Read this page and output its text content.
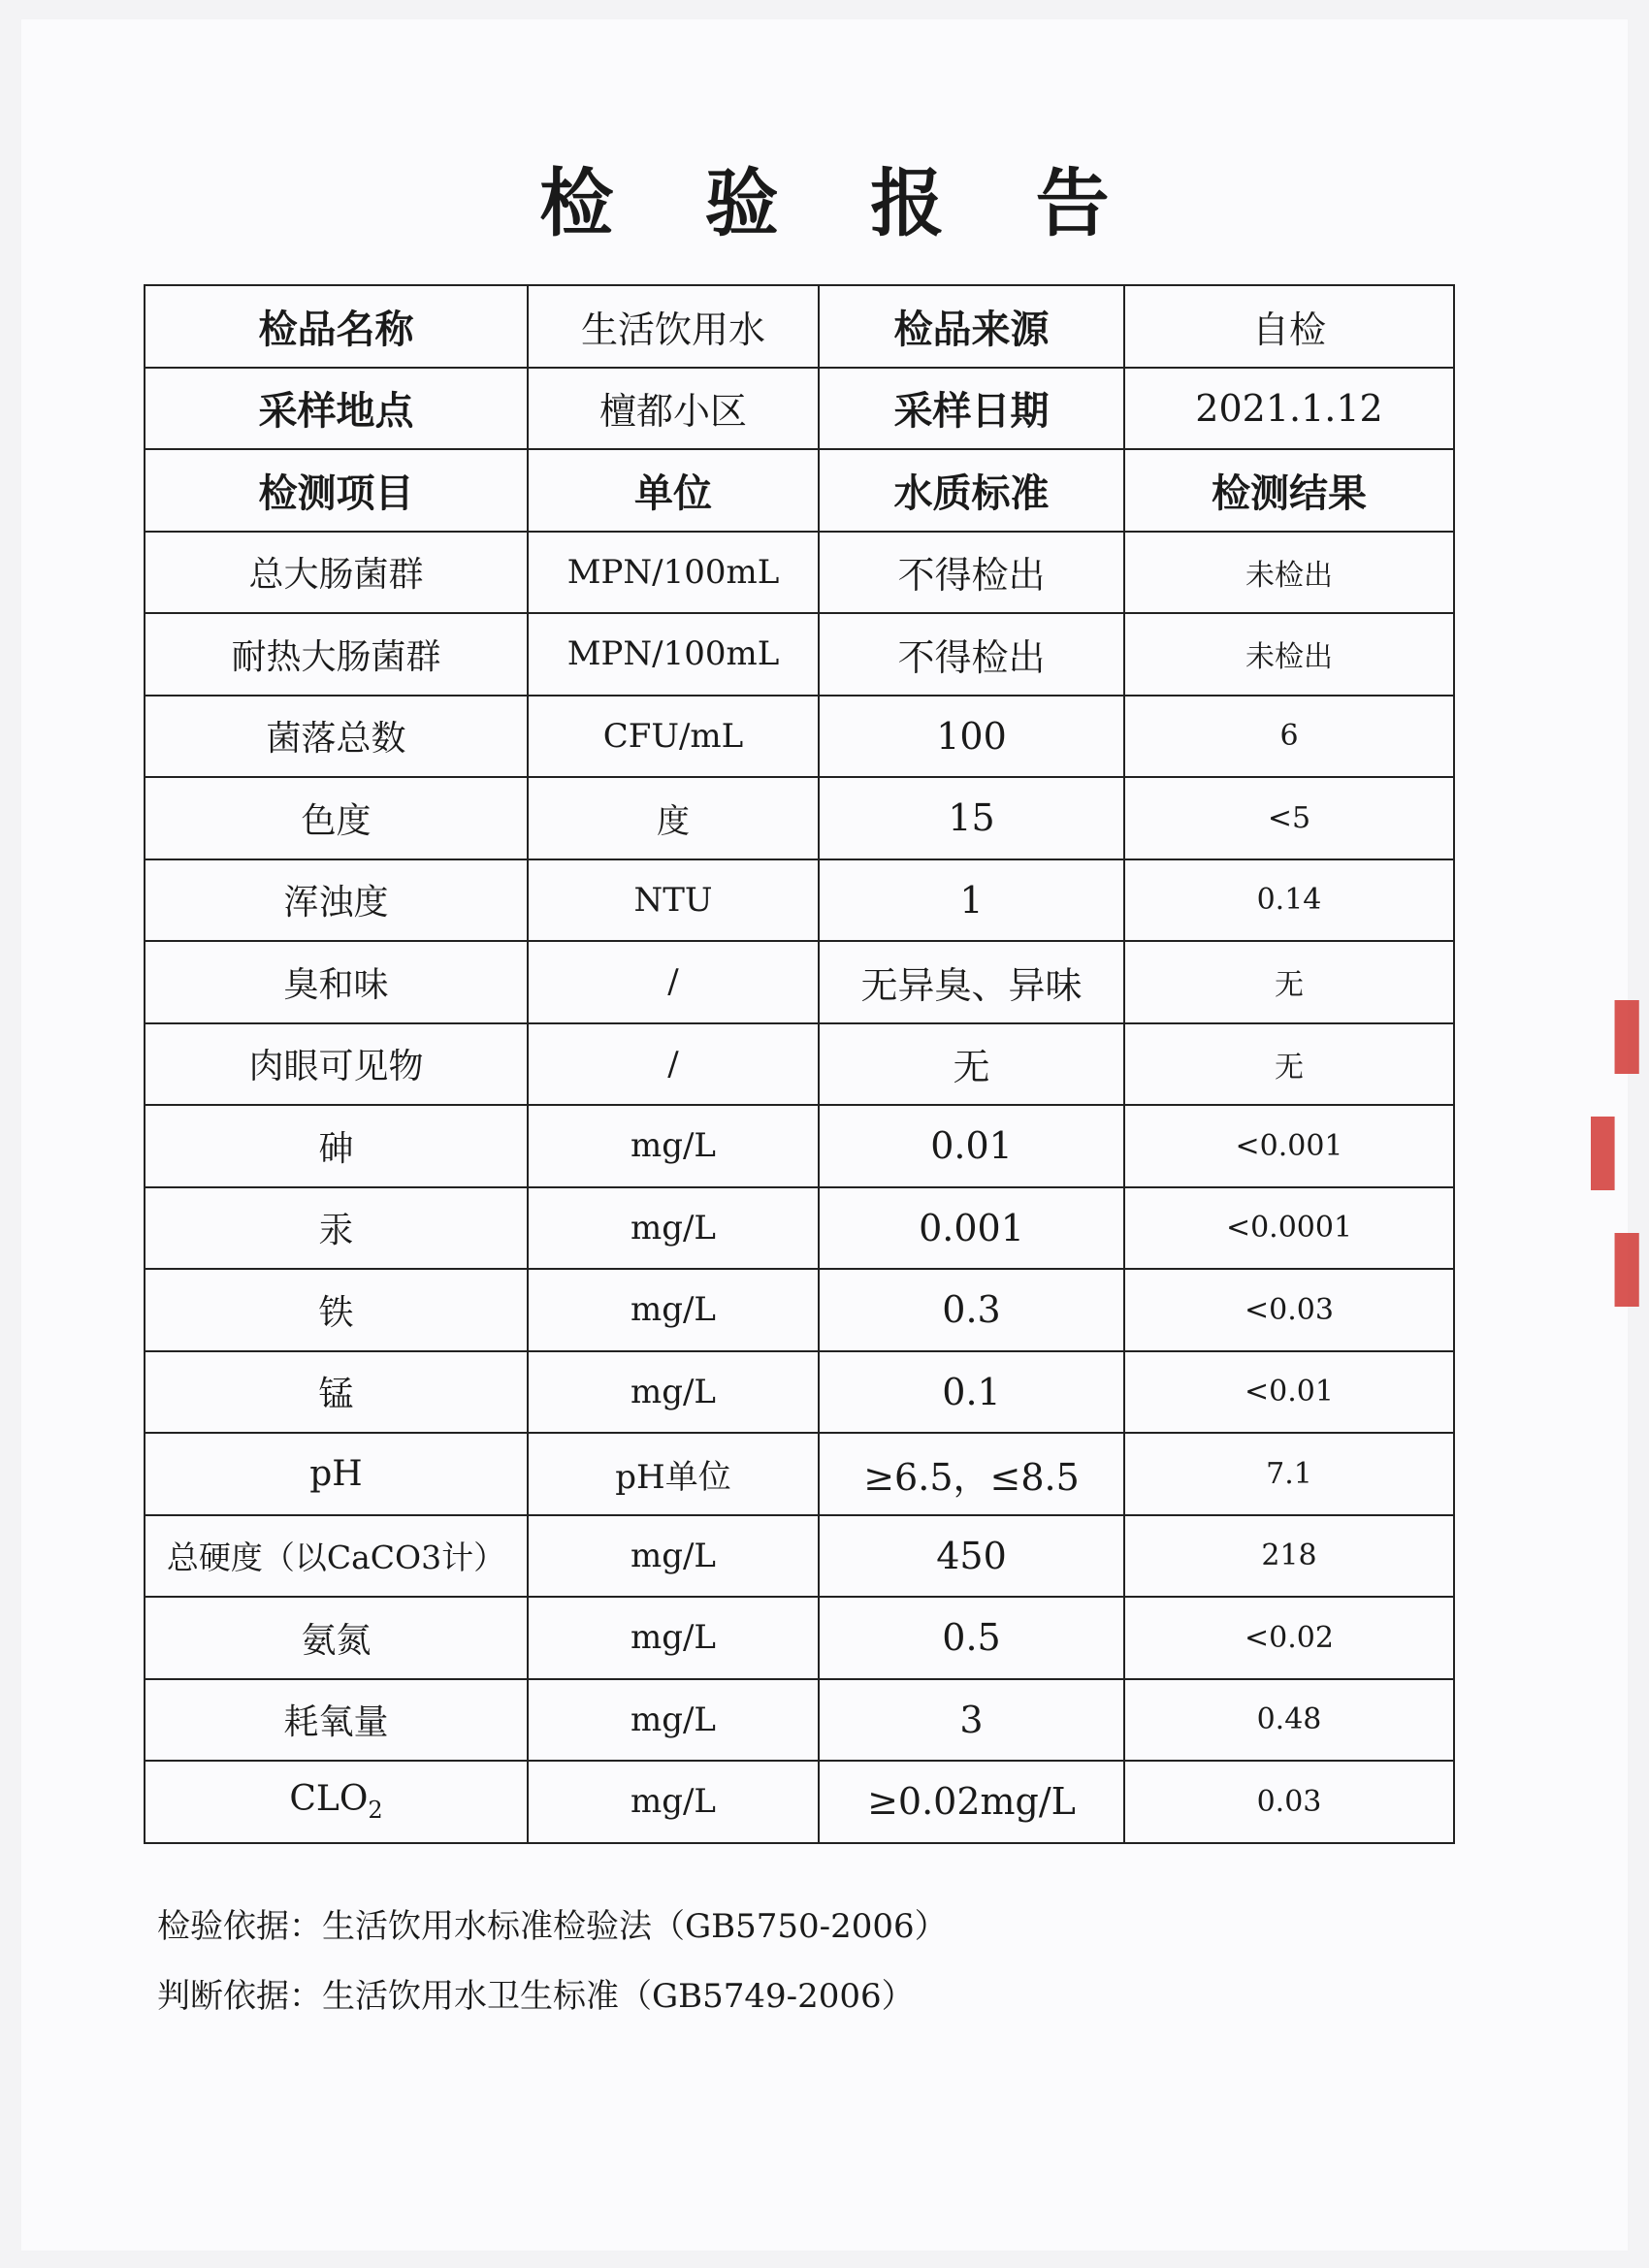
检 验 报 告
检品名称	生活饮用水	检品来源	自检
采样地点	檀都小区	采样日期	2021.1.12
检测项目	单位	水质标准	检测结果
总大肠菌群	MPN/100mL	不得检出	未检出
耐热大肠菌群	MPN/100mL	不得检出	未检出
菌落总数	CFU/mL	100	6
色度	度	15	<5
浑浊度	NTU	1	0.14
臭和味	/	无异臭、异味	无
肉眼可见物	/	无	无
砷	mg/L	0.01	<0.001
汞	mg/L	0.001	<0.0001
铁	mg/L	0.3	<0.03
锰	mg/L	0.1	<0.01
pH	pH单位	≥6.5，≤8.5	7.1
总硬度（以CaCO3计）	mg/L	450	218
氨氮	mg/L	0.5	<0.02
耗氧量	mg/L	3	0.48
$CLO_2$	mg/L	≥0.02mg/L	0.03
检验依据：生活饮用水标准检验法（GB5750-2006）
判断依据：生活饮用水卫生标准（GB5749-2006）
▐
▌
▐
